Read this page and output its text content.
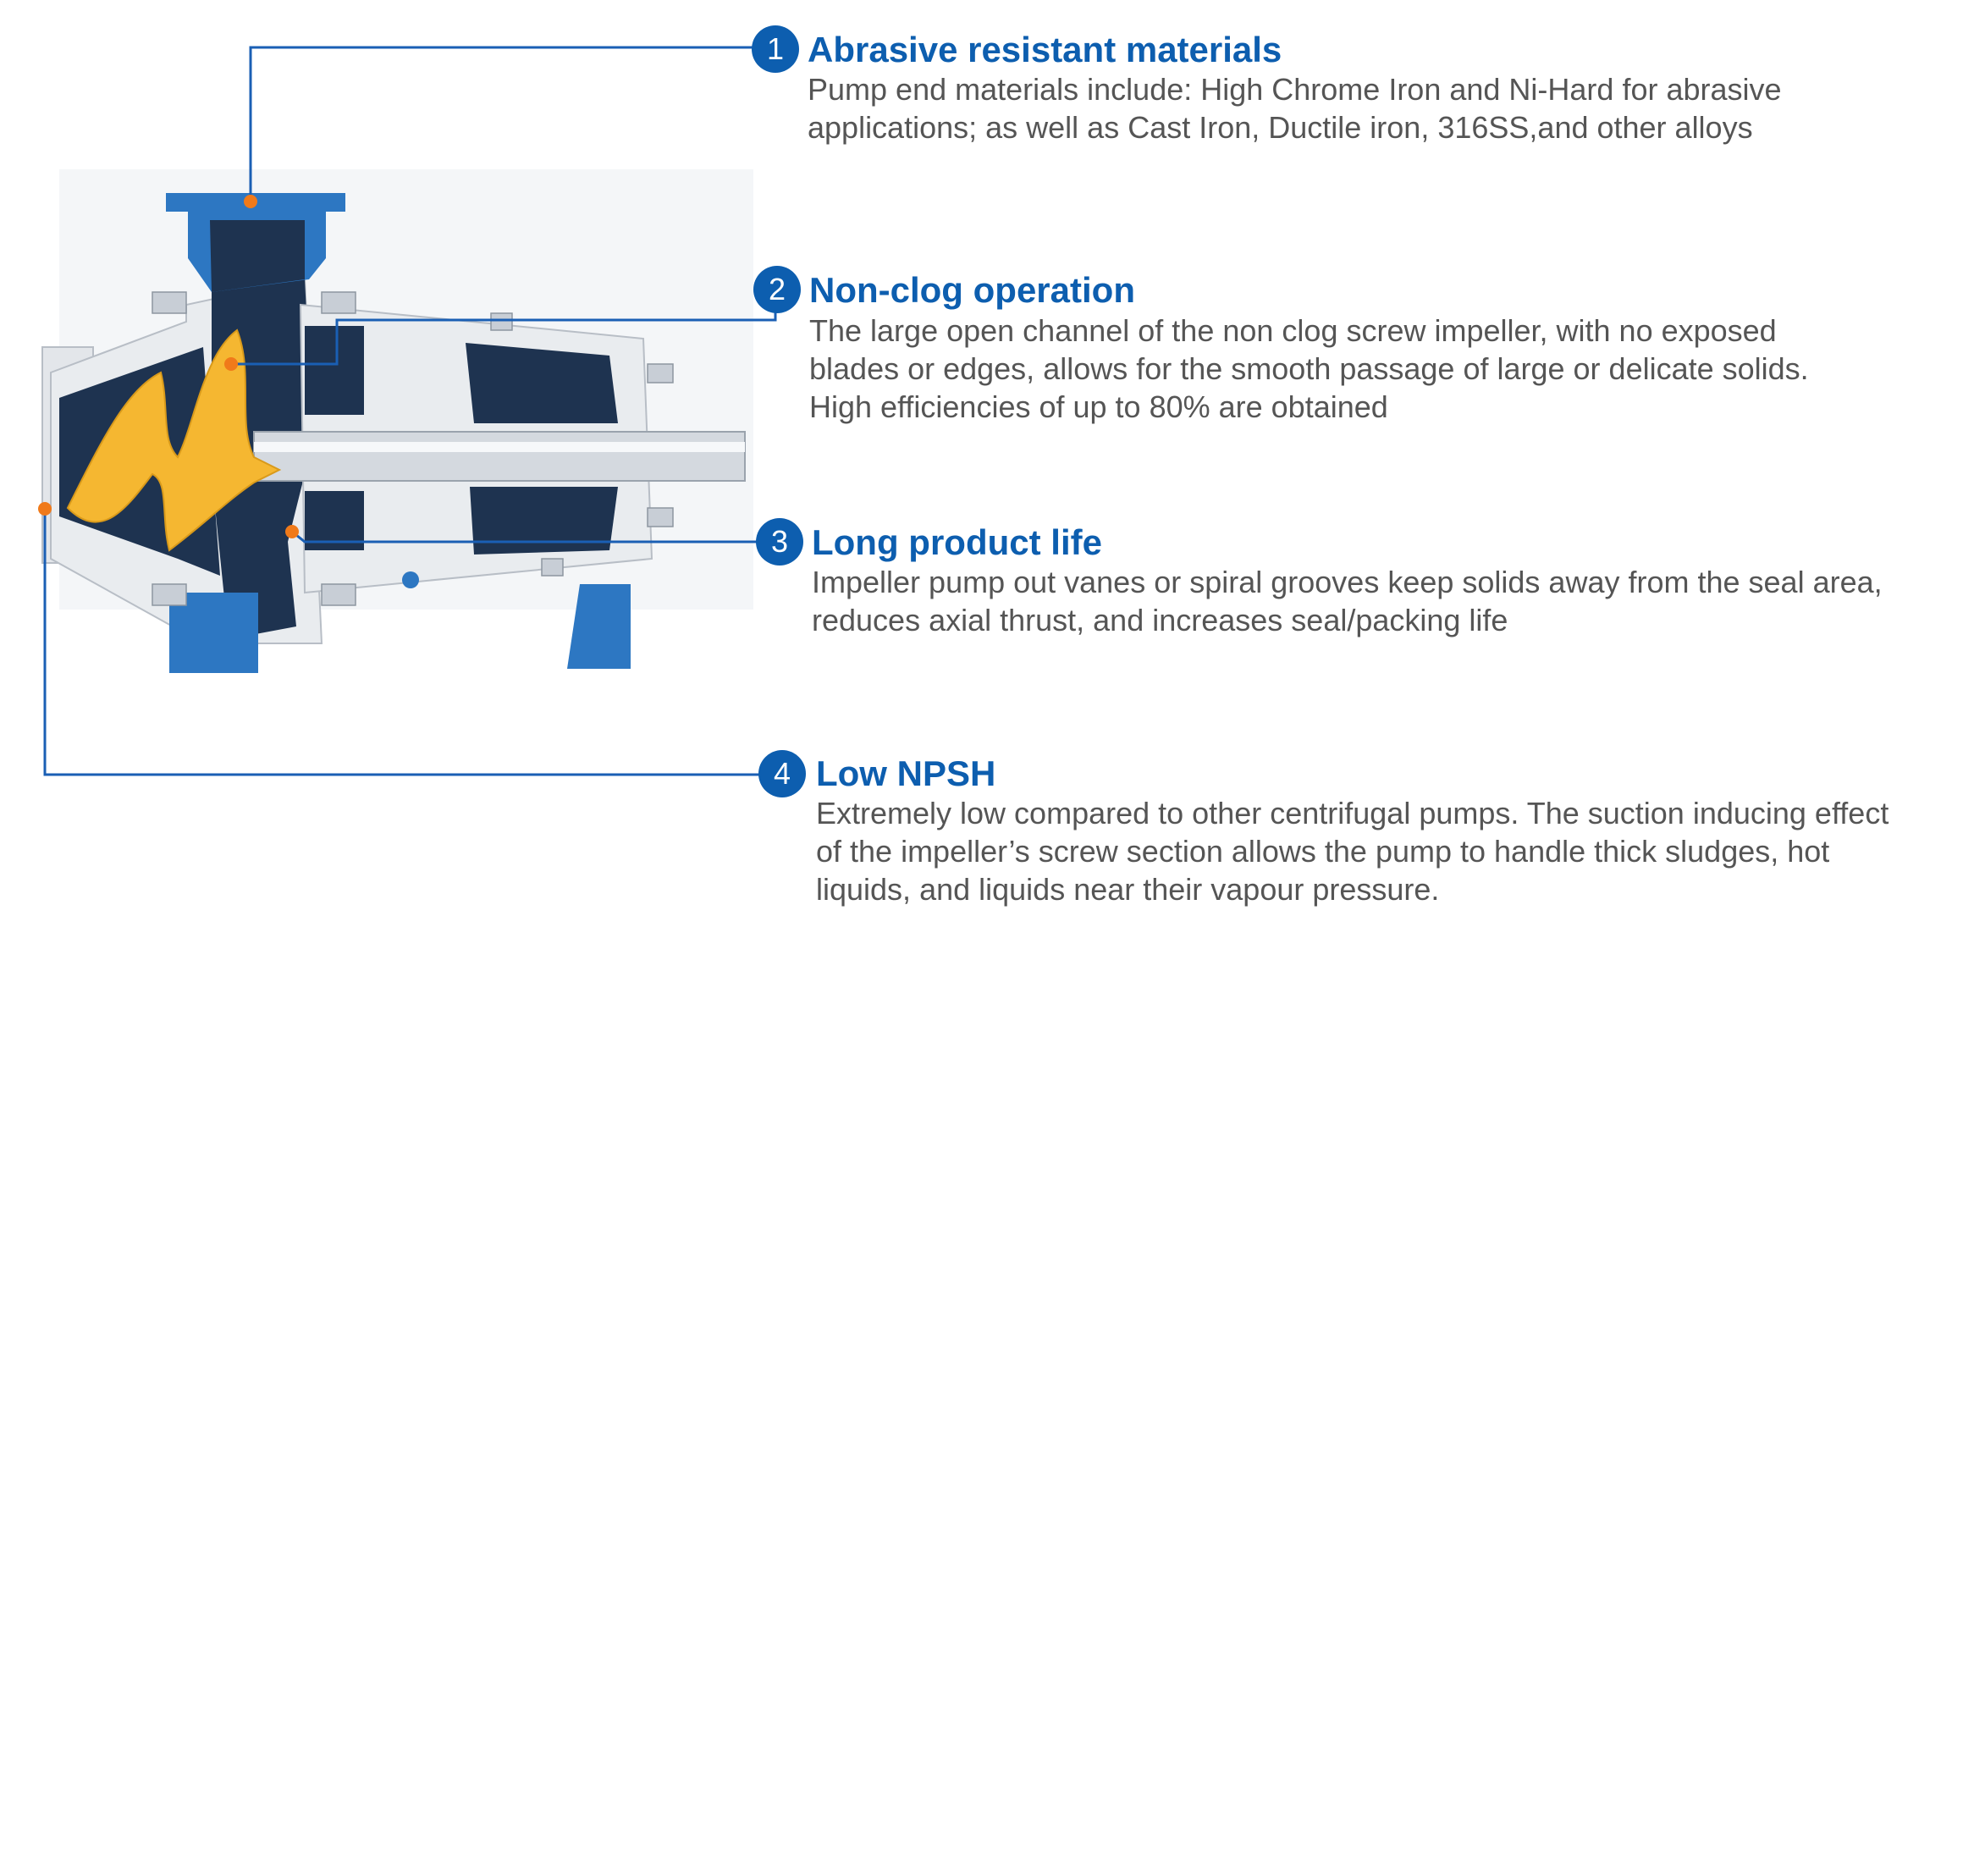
1 Abrasive resistant materials
Pump end materials include: High Chrome Iron and Ni-Hard for abrasive
applications; as well as Cast Iron, Ductile iron, 316SS,and other alloys
2 Non-clog operation
The large open channel of the non clog screw impeller, with no exposed
blades or edges, allows for the smooth passage of large or delicate solids.
High efficiencies of up to 80% are obtained
3 Long product life
Impeller pump out vanes or spiral grooves keep solids away from the seal area,
reduces axial thrust, and increases seal/packing life
4 Low NPSH
Extremely low compared to other centrifugal pumps. The suction inducing effect
of the impeller’s screw section allows the pump to handle thick sludges, hot
liquids, and liquids near their vapour pressure.
